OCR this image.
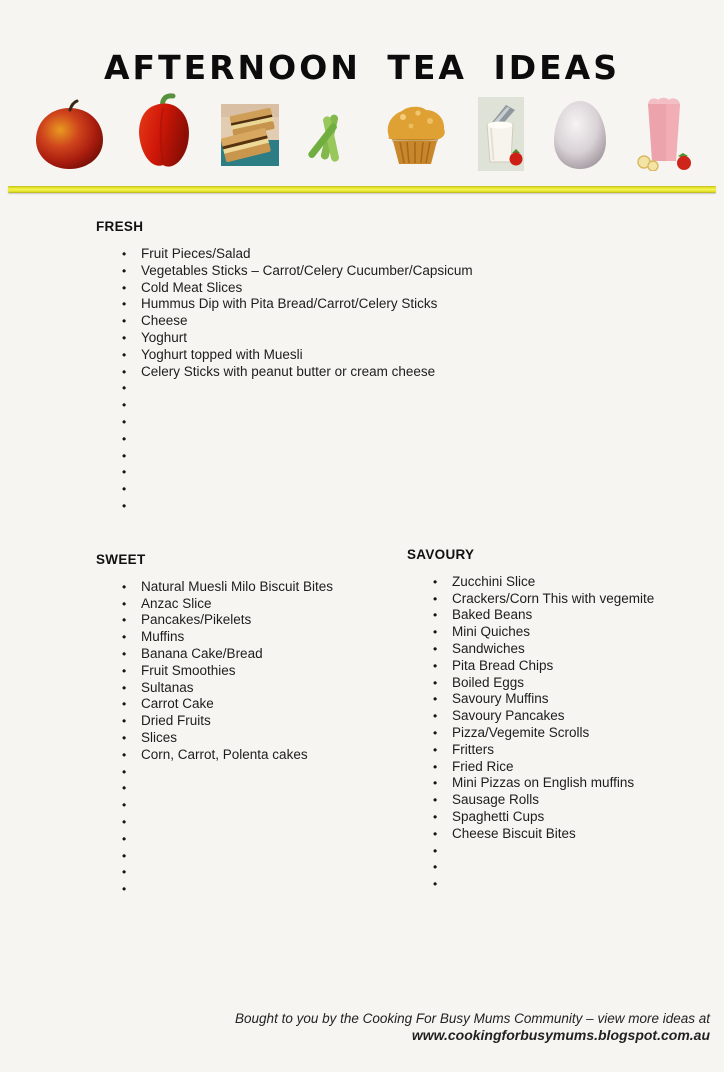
AFTERNOON TEA IDEAS
FRESH
•	Fruit Pieces/Salad
•	Vegetables Sticks – Carrot/Celery Cucumber/Capsicum
•	Cold Meat Slices
•	Hummus Dip with Pita Bread/Carrot/Celery Sticks
•	Cheese
•	Yoghurt
•	Yoghurt topped with Muesli
•	Celery Sticks with peanut butter or cream cheese
•
•
•
•
•
•
•
•
SWEET
•	Natural Muesli Milo Biscuit Bites
•	Anzac Slice
•	Pancakes/Pikelets
•	Muffins
•	Banana Cake/Bread
•	Fruit Smoothies
•	Sultanas
•	Carrot Cake
•	Dried Fruits
•	Slices
•	Corn, Carrot, Polenta cakes
•
•
•
•
•
•
•
•
SAVOURY
•	Zucchini Slice
•	Crackers/Corn This with vegemite
•	Baked Beans
•	Mini Quiches
•	Sandwiches
•	Pita Bread Chips
•	Boiled Eggs
•	Savoury Muffins
•	Savoury Pancakes
•	Pizza/Vegemite Scrolls
•	Fritters
•	Fried Rice
•	Mini Pizzas on English muffins
•	Sausage Rolls
•	Spaghetti Cups
•	Cheese Biscuit Bites
•
•
•
Bought to you by the Cooking For Busy Mums Community – view more ideas at
www.cookingforbusymums.blogspot.com.au
